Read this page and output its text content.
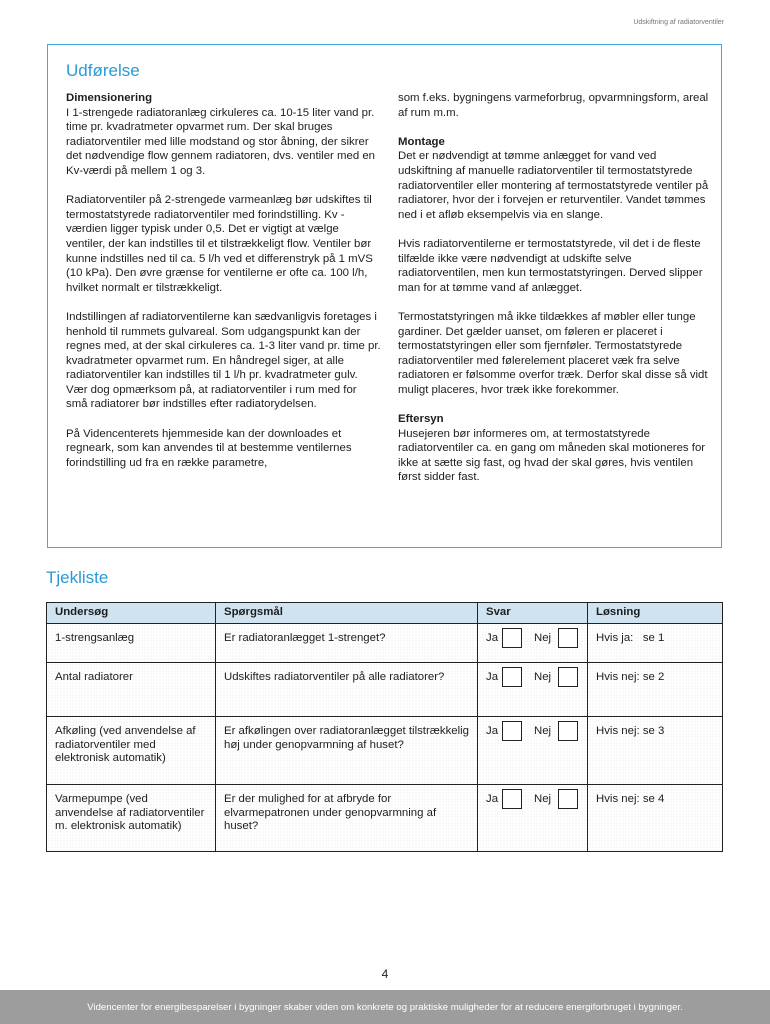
Udskiftning af radiatorventiler
Udførelse
Dimensionering

I 1-strengede radiatoranlæg cirkuleres ca. 10-15 liter vand pr. time pr. kvadratmeter opvarmet rum. Der skal bruges radiatorventiler med lille modstand og stor åbning, der sikrer det nødvendige flow gennem radiatoren, dvs. ventiler med en Kv-værdi på mellem 1 og 3.

Radiatorventiler på 2-strengede varmeanlæg bør udskiftes til termostatstyrede radiatorventiler med forindstilling. Kv -værdien ligger typisk under 0,5. Det er vigtigt at vælge ventiler, der kan indstilles til et tilstrækkeligt flow. Ventiler bør kunne indstilles ned til ca. 5 l/h ved et differenstryk på 1 mVS (10 kPa). Den øvre grænse for ventilerne er ofte ca. 100 l/h, hvilket normalt er tilstrækkeligt.

Indstillingen af radiatorventilerne kan sædvanligvis foretages i henhold til rummets gulvareal. Som udgangspunkt kan der regnes med, at der skal cirkuleres ca. 1-3 liter vand pr. time pr. kvadratmeter opvarmet rum. En håndregel siger, at alle radiatorventiler kan indstilles til 1 l/h pr. kvadratmeter gulv. Vær dog opmærksom på, at radiatorventiler i rum med for små radiatorer bør indstilles efter radiatorydelsen.

På Videncenterets hjemmeside kan der downloades et regneark, som kan anvendes til at bestemme ventilernes forindstilling ud fra en række parametre,

som f.eks. bygningens varmeforbrug, opvarmningsform, areal af rum m.m.

Montage

Det er nødvendigt at tømme anlægget for vand ved udskiftning af manuelle radiatorventiler til termostatstyrede radiatorventiler eller montering af termostatstyrede ventiler på radiatorer, hvor der i forvejen er returventiler. Vandet tømmes ned i et afløb eksempelvis via en slange.

Hvis radiatorventilerne er termostatstyrede, vil det i de fleste tilfælde ikke være nødvendigt at udskifte selve radiatorventilen, men kun termostatstyringen. Derved slipper man for at tømme vand af anlægget.

Termostatstyringen må ikke tildækkes af møbler eller tunge gardiner. Det gælder uanset, om føleren er placeret i termostatstyringen eller som fjernføler. Termostatstyrede radiatorventiler med følerelement placeret væk fra selve radiatoren er følsomme overfor træk. Derfor skal disse så vidt muligt placeres, hvor træk ikke forekommer.

Eftersyn

Husejeren bør informeres om, at termostatstyrede radiatorventiler ca. en gang om måneden skal motioneres for ikke at sætte sig fast, og hvad der skal gøres, hvis ventilen først sidder fast.

Tjekliste
Undersøg	Spørgsmål	Svar	Løsning
1-strengsanlæg	Er radiatoranlægget 1-strenget?	Ja Nej	Hvis ja:   se 1
Antal radiatorer	Udskiftes radiatorventiler på alle radiatorer?	Ja Nej	Hvis nej: se 2
Afkøling (ved anvendelse af radiatorventiler med elektronisk automatik)	Er afkølingen over radiatoranlægget tilstrækkelig høj under genopvarmning af huset?	Ja Nej	Hvis nej: se 3
Varmepumpe (ved anvendelse af radiatorventiler m. elektronisk automatik)	Er der mulighed for at afbryde for elvarmepatronen under genopvarmning af huset?	Ja Nej	Hvis nej: se 4
4
Videncenter for energibesparelser i bygninger skaber viden om konkrete og praktiske muligheder for at reducere energiforbruget i bygninger.
